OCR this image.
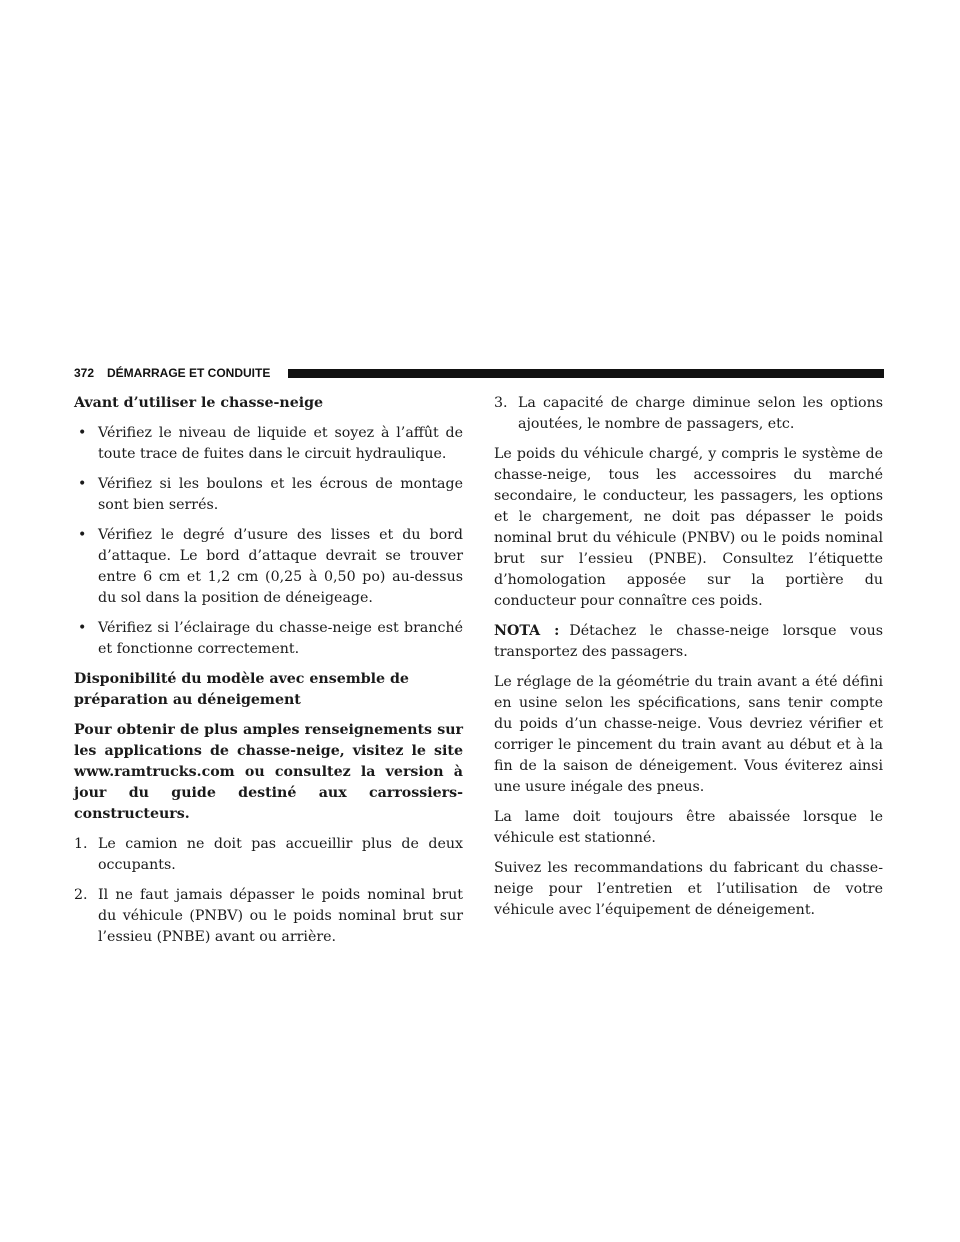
372 DÉMARRAGE ET CONDUITE

Avant d’utiliser le chasse-neige

• Vérifiez le niveau de liquide et soyez à l’affût de toute trace de fuites dans le circuit hydraulique.
• Vérifiez si les boulons et les écrous de montage sont bien serrés.
• Vérifiez le degré d’usure des lisses et du bord d’attaque. Le bord d’attaque devrait se trouver entre 6 cm et 1,2 cm (0,25 à 0,50 po) au-dessus du sol dans la position de déneigeage.
• Vérifiez si l’éclairage du chasse-neige est branché et fonctionne correctement.

Disponibilité du modèle avec ensemble de
préparation au déneigement

Pour obtenir de plus amples renseignements sur les applications de chasse-neige, visitez le site www.ramtrucks.com ou consultez la version à jour du guide destiné aux carrossiers-constructeurs.

1. Le camion ne doit pas accueillir plus de deux occupants.
2. Il ne faut jamais dépasser le poids nominal brut du véhicule (PNBV) ou le poids nominal brut sur l’essieu (PNBE) avant ou arrière.
3. La capacité de charge diminue selon les options ajoutées, le nombre de passagers, etc.

Le poids du véhicule chargé, y compris le système de chasse-neige, tous les accessoires du marché secondaire, le conducteur, les passagers, les options et le chargement, ne doit pas dépasser le poids nominal brut du véhicule (PNBV) ou le poids nominal brut sur l’essieu (PNBE). Consultez l’étiquette d’homologation apposée sur la portière du conducteur pour connaître ces poids.

NOTA : Détachez le chasse-neige lorsque vous transportez des passagers.

Le réglage de la géométrie du train avant a été défini en usine selon les spécifications, sans tenir compte du poids d’un chasse-neige. Vous devriez vérifier et corriger le pincement du train avant au début et à la fin de la saison de déneigement. Vous éviterez ainsi une usure inégale des pneus.

La lame doit toujours être abaissée lorsque le véhicule est stationné.

Suivez les recommandations du fabricant du chasse-neige pour l’entretien et l’utilisation de votre véhicule avec l’équipement de déneigement.
